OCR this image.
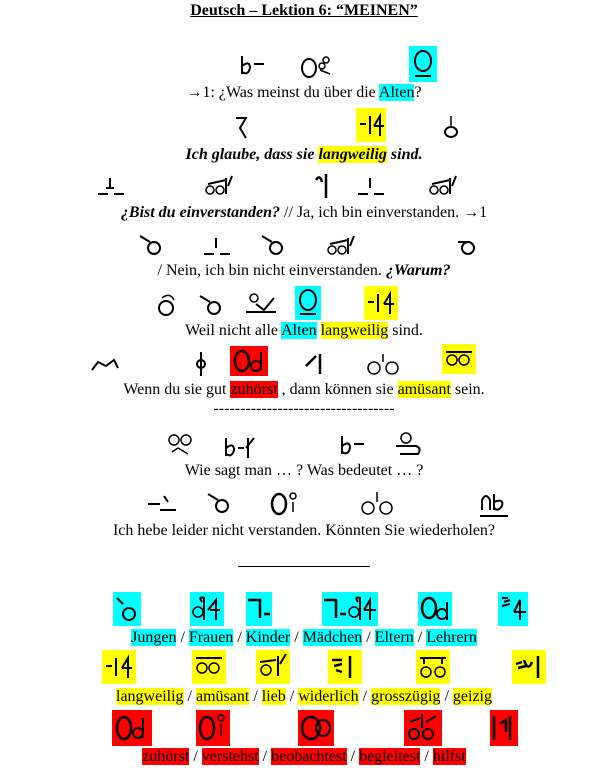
Deutsch – Lektion 6: “MEINEN”
→1: ¿Was meinst du über die Alten?
Ich glaube, dass sie langweilig sind.
¿Bist du einverstanden? // Ja, ich bin einverstanden. →1
/ Nein, ich bin nicht einverstanden. ¿Warum?
Weil nicht alle Alten langweilig sind.
Wenn du sie gut zuhörst , dann können sie amüsant sein.
----------------------------------
Wie sagt man … ? Was bedeutet … ?
Ich hebe leider nicht verstanden. Könnten Sie wiederholen?
Jungen / Frauen / Kinder / Mädchen / Eltern / Lehrern
langweilig / amüsant / lieb / widerlich / grosszügig / geizig
zuhörst / verstehst / beobachtest / begleitest / hilfst
